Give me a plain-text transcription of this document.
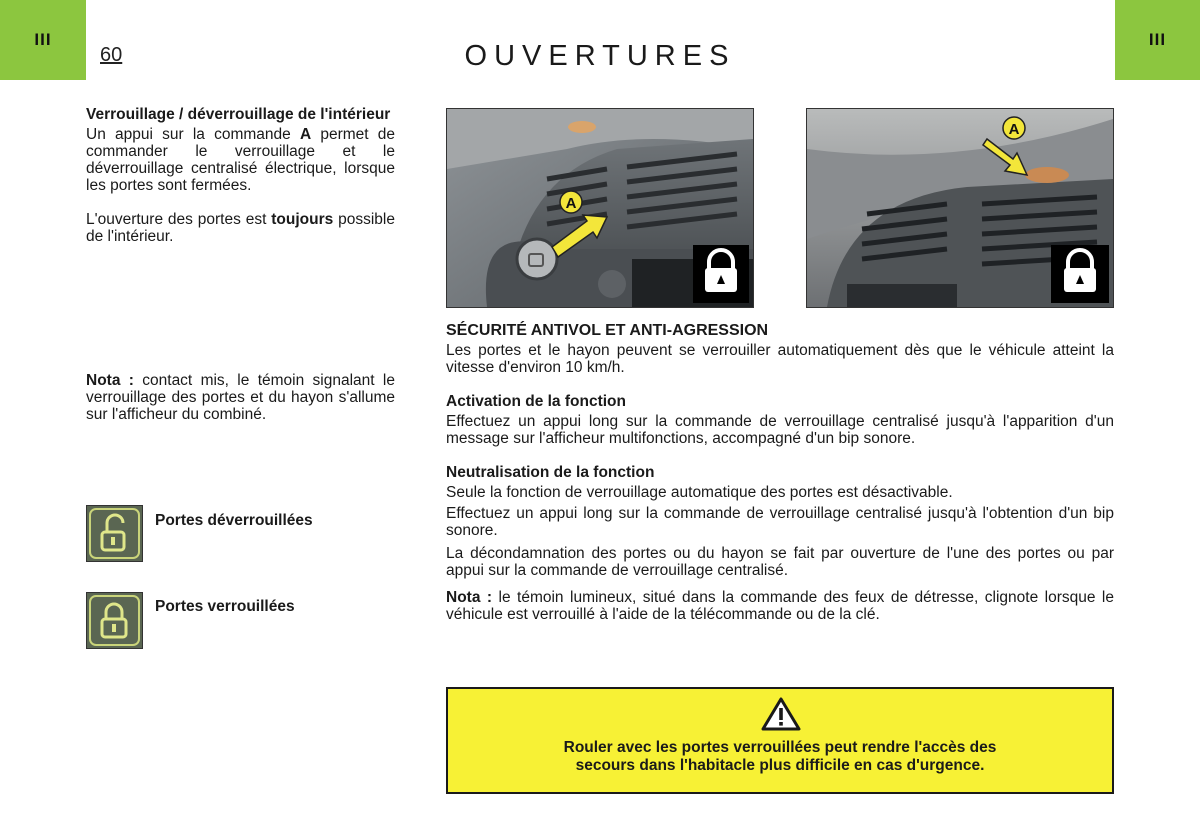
III
60	OUVERTURES
III
Verrouillage / déverrouillage de l'intérieur

Un appui sur la commande A permet de commander le verrouillage et le déverrouillage centralisé électrique, lorsque les portes sont fermées.

L'ouverture des portes est toujours possible de l'intérieur.

Nota : contact mis, le témoin signalant le verrouillage des portes et du hayon s'allume sur l'afficheur du combiné.

Portes déverrouillées
Portes verrouillées
A
A
SÉCURITÉ ANTIVOL ET ANTI-AGRESSION

Les portes et le hayon peuvent se verrouiller automatiquement dès que le véhicule atteint la vitesse d'environ 10 km/h.

Activation de la fonction

Effectuez un appui long sur la commande de verrouillage centralisé jusqu'à l'apparition d'un message sur l'afficheur multifonctions, accompagné d'un bip sonore.

Neutralisation de la fonction

Seule la fonction de verrouillage automatique des portes est désactivable.

Effectuez un appui long sur la commande de verrouillage centralisé jusqu'à l'obtention d'un bip sonore.

La décondamnation des portes ou du hayon se fait par ouverture de l'une des portes ou par appui sur la commande de verrouillage centralisé.

Nota : le témoin lumineux, situé dans la commande des feux de détresse, clignote lorsque le véhicule est verrouillé à l'aide de la télécommande ou de la clé.

Rouler avec les portes verrouillées peut rendre l'accès des
secours dans l'habitacle plus difficile en cas d'urgence.
